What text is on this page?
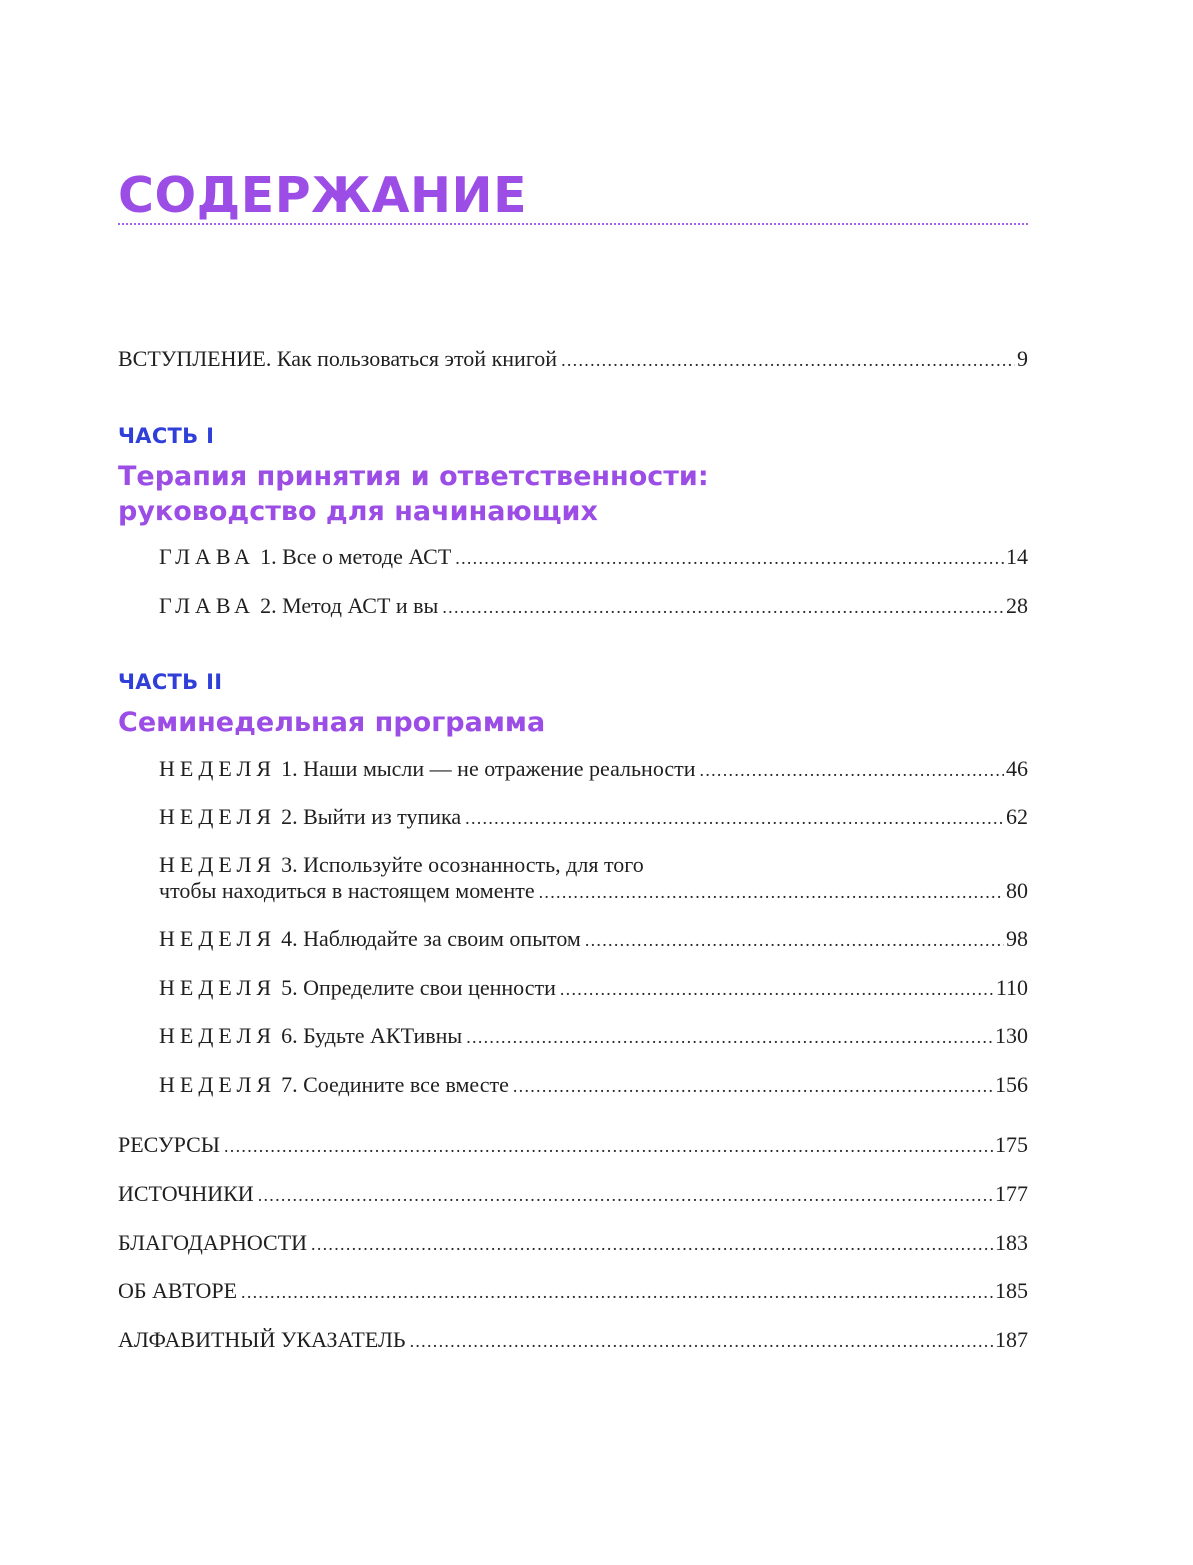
СОДЕРЖАНИЕ
ВСТУПЛЕНИЕ. Как пользоваться этой книгой . . .	9
ЧАСТЬ I
Терапия принятия и ответственности:
руководство для начинающих
ГЛАВА 1. Все о методе АСТ . . .	14
ГЛАВА 2. Метод АСТ и вы . . .	28
ЧАСТЬ II
Семинедельная программа
НЕДЕЛЯ 1. Наши мысли — не отражение реальности . . .	46
НЕДЕЛЯ 2. Выйти из тупика . . .	62
НЕДЕЛЯ 3. Используйте осознанность, для того
чтобы находиться в настоящем моменте . . .	80
НЕДЕЛЯ 4. Наблюдайте за своим опытом . . .	98
НЕДЕЛЯ 5. Определите свои ценности . . .	110
НЕДЕЛЯ 6. Будьте АКТивны . . .	130
НЕДЕЛЯ 7. Соедините все вместе . . .	156
РЕСУРСЫ . . .	175
ИСТОЧНИКИ . . .	177
БЛАГОДАРНОСТИ . . .	183
ОБ АВТОРЕ . . .	185
АЛФАВИТНЫЙ УКАЗАТЕЛЬ . . .	187
